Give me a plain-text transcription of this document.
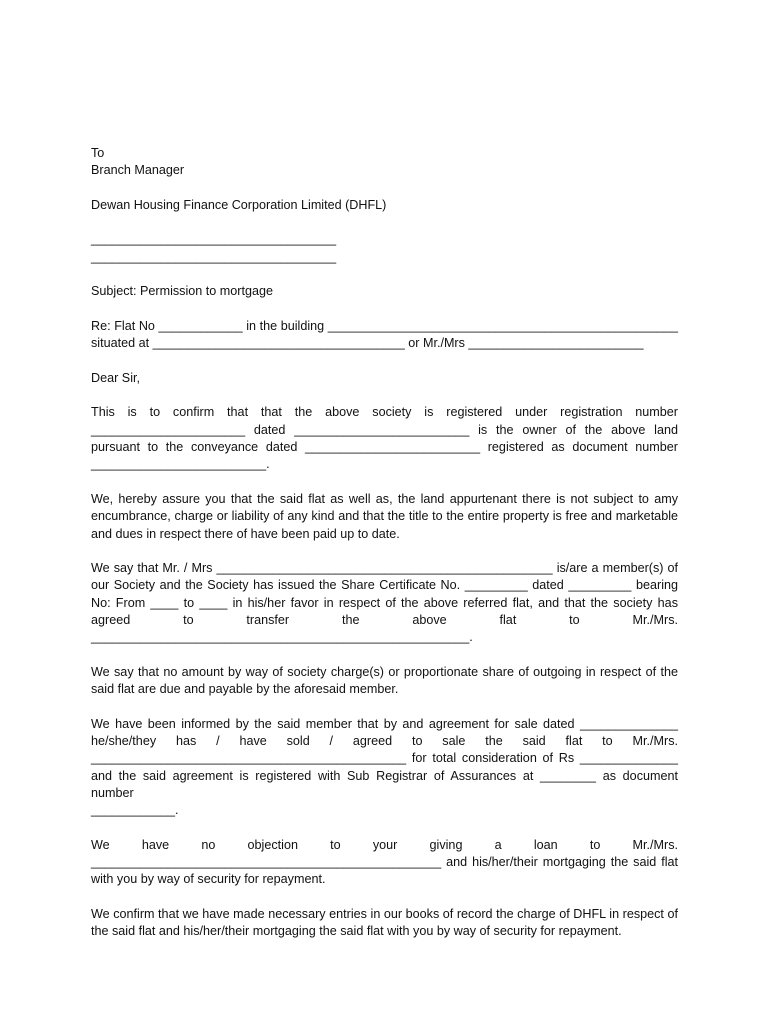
To
Branch Manager
Dewan Housing Finance Corporation Limited (DHFL)
___________________________________
___________________________________
Subject: Permission to mortgage
Re: Flat No ____________ in the building __________________________________________________
situated at ____________________________________ or Mr./Mrs _________________________
Dear Sir,
This is to confirm that that the above society is registered under registration number
______________________ dated _________________________ is the owner of the above land
pursuant to the conveyance dated _________________________ registered as document number
_________________________.
We, hereby assure you that the said flat as well as, the land appurtenant there is not subject to amy encumbrance, charge or liability of any kind and that the title to the entire property is free and marketable and dues in respect there of have been paid up to date.
We say that Mr. / Mrs ________________________________________________ is/are a member(s) of
our Society and the Society has issued the Share Certificate No. _________ dated _________ bearing
No: From ____ to ____ in his/her favor in respect of the above referred flat, and that the society has
agreed to transfer the above flat to Mr./Mrs.
______________________________________________________.
We say that no amount by way of society charge(s) or proportionate share of outgoing in respect of the said flat are due and payable by the aforesaid member.
We have been informed by the said member that by and agreement for sale dated ______________
he/she/they has / have sold / agreed to sale the said flat to Mr./Mrs.
_____________________________________________ for total consideration of Rs ______________
and the said agreement is registered with Sub Registrar of Assurances at ________ as document number
____________.
We have no objection to your giving a loan to Mr./Mrs.
__________________________________________________ and his/her/their mortgaging the said flat
with you by way of security for repayment.
We confirm that we have made necessary entries in our books of record the charge of DHFL in respect of the said flat and his/her/their mortgaging the said flat with you by way of security for repayment.
